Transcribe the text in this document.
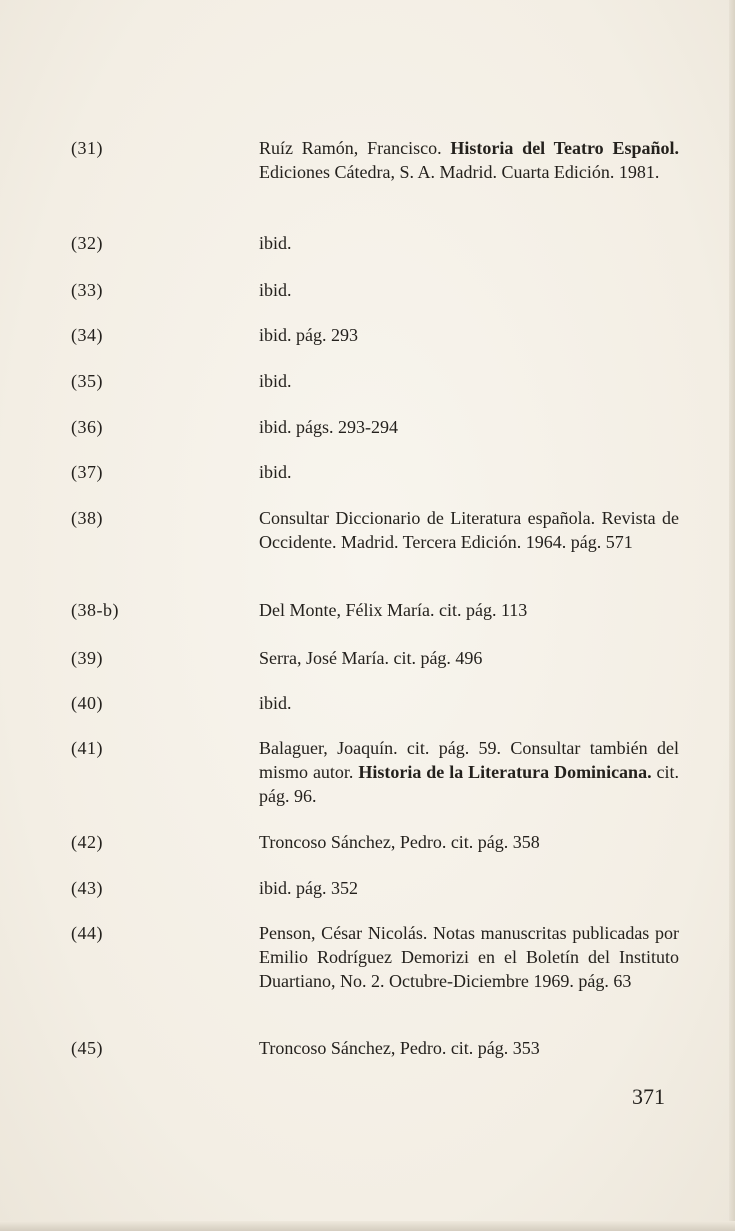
(31)	Ruíz Ramón, Francisco. Historia del Teatro Español. Ediciones Cátedra, S. A. Madrid. Cuarta Edición. 1981.
(32)	ibid.
(33)	ibid.
(34)	ibid. pág. 293
(35)	ibid.
(36)	ibid. págs. 293-294
(37)	ibid.
(38)	Consultar Diccionario de Literatura española. Revista de Occidente. Madrid. Tercera Edición. 1964. pág. 571
(38-b)	Del Monte, Félix María. cit. pág. 113
(39)	Serra, José María. cit. pág. 496
(40)	ibid.
(41)	Balaguer, Joaquín. cit. pág. 59. Consultar también del mismo autor. Historia de la Literatura Dominicana. cit. pág. 96.
(42)	Troncoso Sánchez, Pedro. cit. pág. 358
(43)	ibid. pág. 352
(44)	Penson, César Nicolás. Notas manuscritas publicadas por Emilio Rodríguez Demorizi en el Boletín del Instituto Duartiano, No. 2. Octubre-Diciembre 1969. pág. 63
(45)	Troncoso Sánchez, Pedro. cit. pág. 353
371
